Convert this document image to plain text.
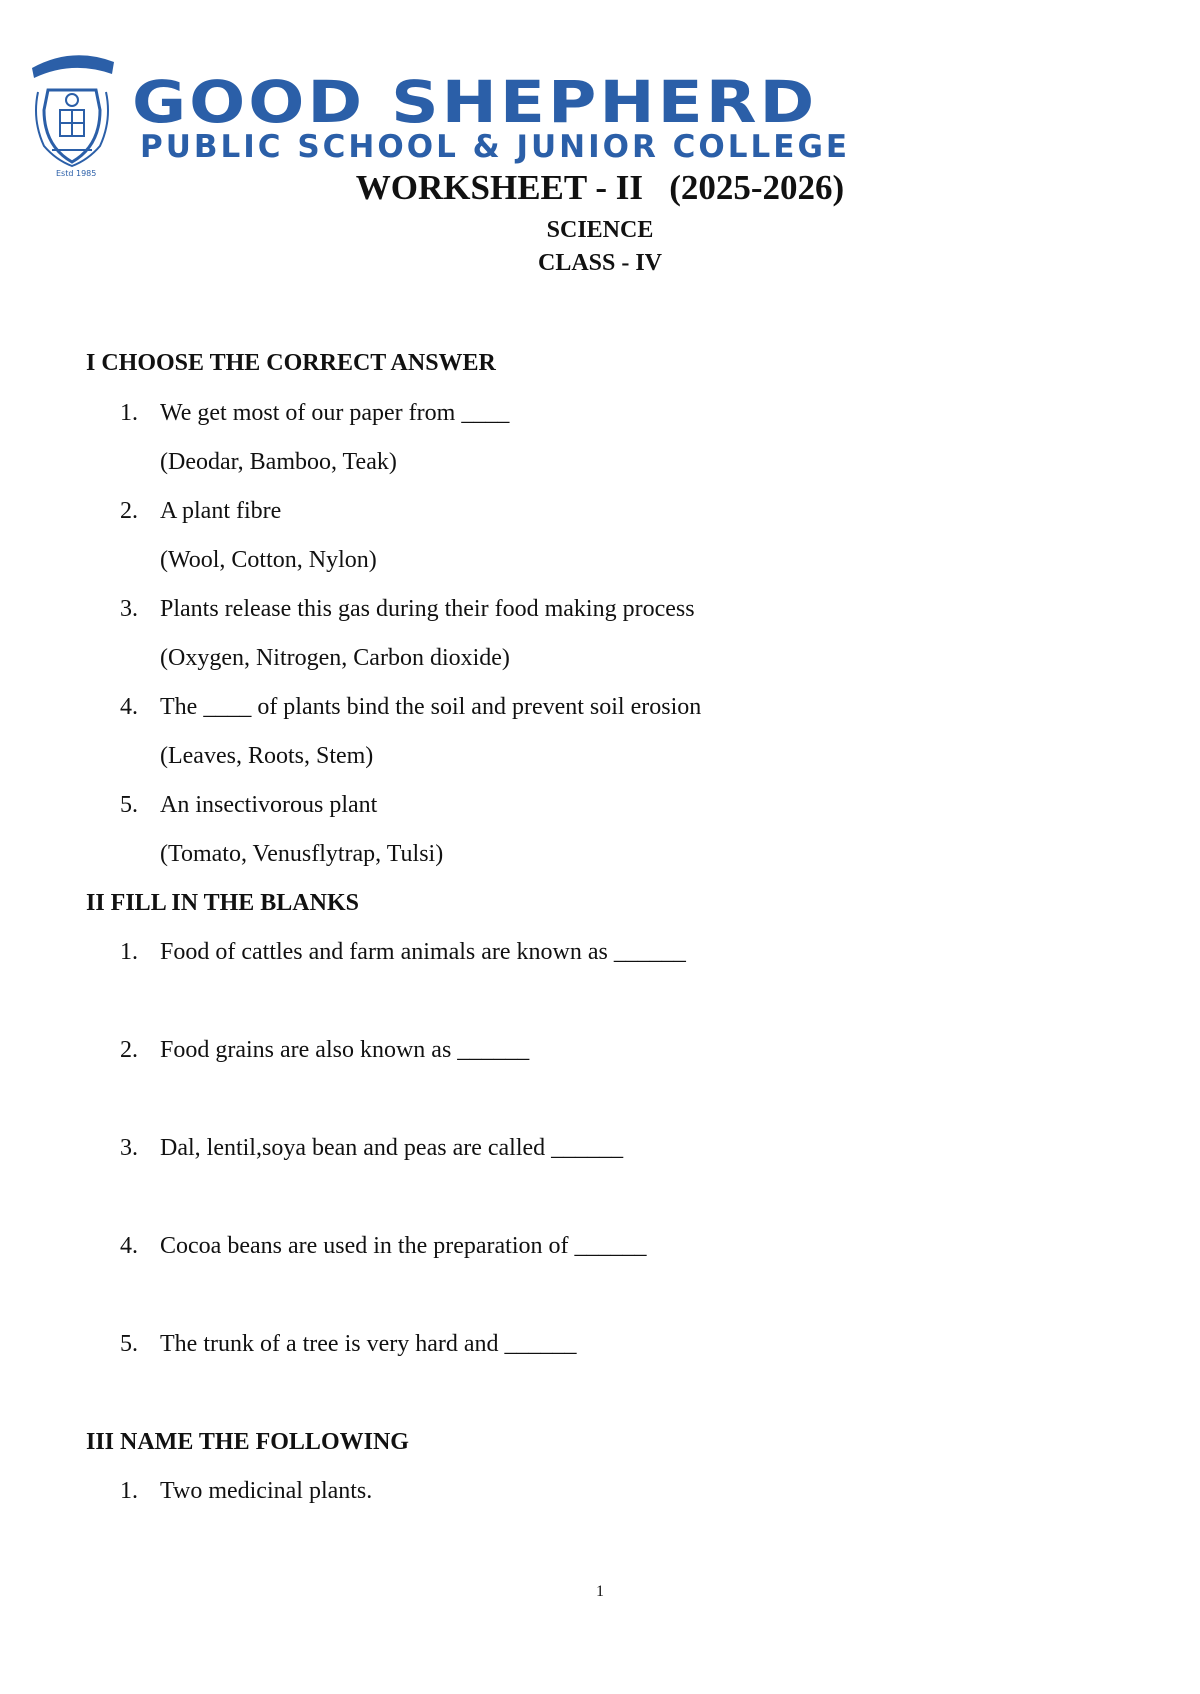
Estd 1985
GOOD SHEPHERD
PUBLIC SCHOOL & JUNIOR COLLEGE
WORKSHEET - II   (2025-2026)
SCIENCE
CLASS - IV
I CHOOSE THE CORRECT ANSWER
1. We get most of our paper from ____
(Deodar, Bamboo, Teak)
2. A plant fibre
(Wool, Cotton, Nylon)
3. Plants release this gas during their food making process
(Oxygen, Nitrogen, Carbon dioxide)
4. The ____ of plants bind the soil and prevent soil erosion
(Leaves, Roots, Stem)
5. An insectivorous plant
(Tomato, Venusflytrap, Tulsi)
II FILL IN THE BLANKS
1. Food of cattles and farm animals are known as ______
2. Food grains are also known as ______
3. Dal, lentil,soya bean and peas are called ______
4. Cocoa beans are used in the preparation of ______
5. The trunk of a tree is very hard and ______
III NAME THE FOLLOWING
1. Two medicinal plants.
1
